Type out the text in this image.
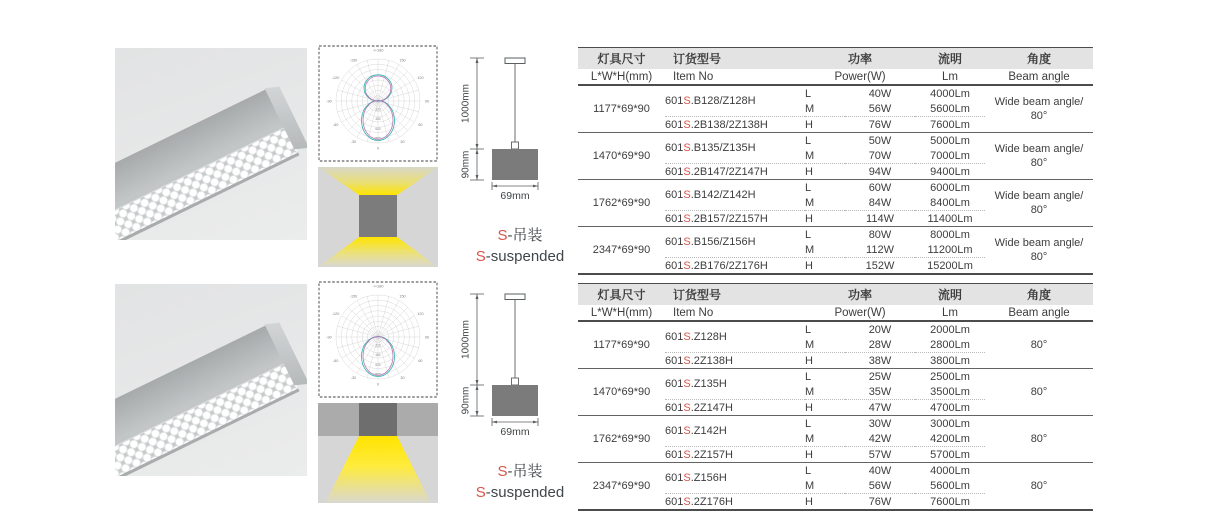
-/+180
0
30
60
90
120
150
-30
-60
-90
-120
-150
320
480
640
800
1000mm
90mm
69mm
S-吊装
S-suspended
灯具尺寸	订货型号	功率		流明	角度
L*W*H(mm)	Item No	Power(W)		Lm	Beam angle
1177*69*90	601S.B128/Z128H	L	40W	4000Lm	Wide beam angle/
80°

		M	56W	5600Lm	
	601S.2B138/2Z138H	H	76W	7600Lm	
1470*69*90	601S.B135/Z135H	L	50W	5000Lm	Wide beam angle/
80°

		M	70W	7000Lm	
	601S.2B147/2Z147H	H	94W	9400Lm	
1762*69*90	601S.B142/Z142H	L	60W	6000Lm	Wide beam angle/
80°

		M	84W	8400Lm	
	601S.2B157/2Z157H	H	114W	11400Lm	
2347*69*90	601S.B156/Z156H	L	80W	8000Lm	Wide beam angle/
80°

		M	112W	11200Lm	
	601S.2B176/2Z176H	H	152W	15200Lm	
-/+180
0
30
60
90
120
150
-30
-60
-90
-120
-150
320
480
640
800
1000mm
90mm
69mm
S-吊装
S-suspended
灯具尺寸	订货型号	功率		流明	角度
L*W*H(mm)	Item No	Power(W)		Lm	Beam angle
1177*69*90	601S.Z128H	L	20W	2000Lm	80°

		M	28W	2800Lm	
	601S.2Z138H	H	38W	3800Lm	
1470*69*90	601S.Z135H	L	25W	2500Lm	80°

		M	35W	3500Lm	
	601S.2Z147H	H	47W	4700Lm	
1762*69*90	601S.Z142H	L	30W	3000Lm	80°

		M	42W	4200Lm	
	601S.2Z157H	H	57W	5700Lm	
2347*69*90	601S.Z156H	L	40W	4000Lm	80°

		M	56W	5600Lm	
	601S.2Z176H	H	76W	7600Lm	
